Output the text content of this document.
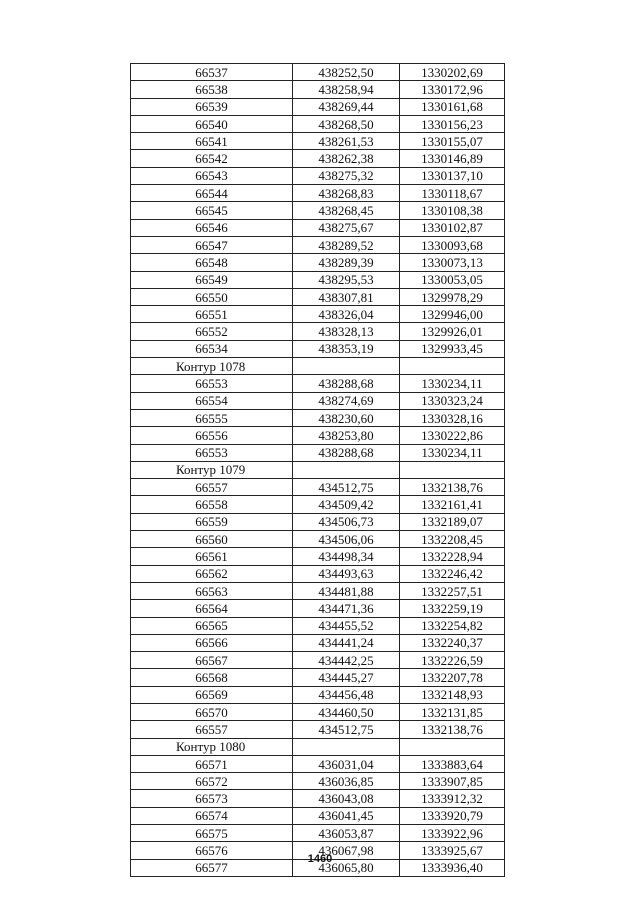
66537	438252,50	1330202,69
66538	438258,94	1330172,96
66539	438269,44	1330161,68
66540	438268,50	1330156,23
66541	438261,53	1330155,07
66542	438262,38	1330146,89
66543	438275,32	1330137,10
66544	438268,83	1330118,67
66545	438268,45	1330108,38
66546	438275,67	1330102,87
66547	438289,52	1330093,68
66548	438289,39	1330073,13
66549	438295,53	1330053,05
66550	438307,81	1329978,29
66551	438326,04	1329946,00
66552	438328,13	1329926,01
66534	438353,19	1329933,45
Контур 1078		
66553	438288,68	1330234,11
66554	438274,69	1330323,24
66555	438230,60	1330328,16
66556	438253,80	1330222,86
66553	438288,68	1330234,11
Контур 1079		
66557	434512,75	1332138,76
66558	434509,42	1332161,41
66559	434506,73	1332189,07
66560	434506,06	1332208,45
66561	434498,34	1332228,94
66562	434493,63	1332246,42
66563	434481,88	1332257,51
66564	434471,36	1332259,19
66565	434455,52	1332254,82
66566	434441,24	1332240,37
66567	434442,25	1332226,59
66568	434445,27	1332207,78
66569	434456,48	1332148,93
66570	434460,50	1332131,85
66557	434512,75	1332138,76
Контур 1080		
66571	436031,04	1333883,64
66572	436036,85	1333907,85
66573	436043,08	1333912,32
66574	436041,45	1333920,79
66575	436053,87	1333922,96
66576	436067,98	1333925,67
66577	436065,80	1333936,40
1460
